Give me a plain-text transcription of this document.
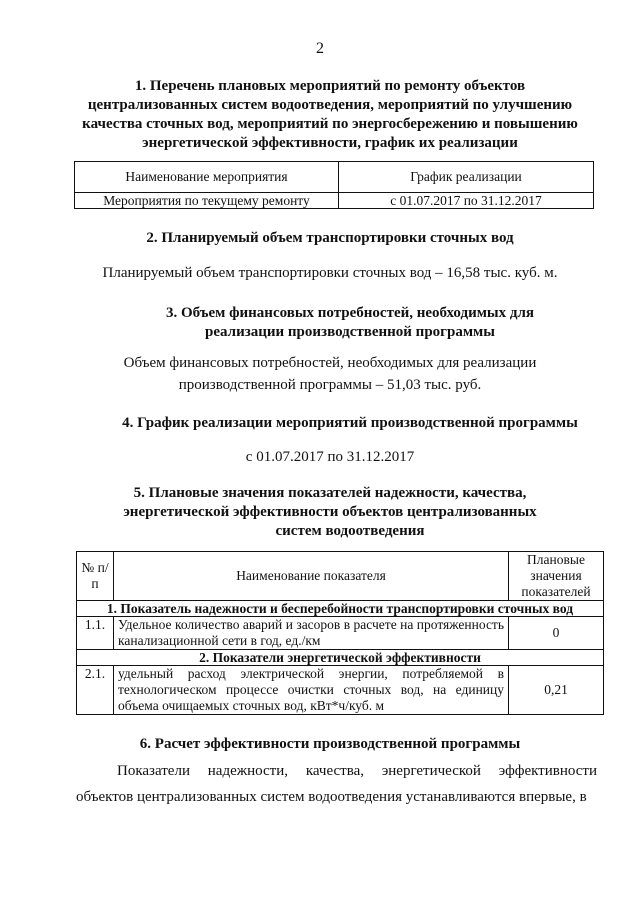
2
1. Перечень плановых мероприятий по ремонту объектов
централизованных систем водоотведения, мероприятий по улучшению
качества сточных вод, мероприятий по энергосбережению и повышению
энергетической эффективности, график их реализации
Наименование мероприятия	График реализации
Мероприятия по текущему ремонту	с 01.07.2017 по 31.12.2017
2. Планируемый объем транспортировки сточных вод
Планируемый объем транспортировки сточных вод – 16,58 тыс. куб. м.
3. Объем финансовых потребностей, необходимых для
реализации производственной программы
Объем финансовых потребностей, необходимых для реализации
производственной программы – 51,03 тыс. руб.
4. График реализации мероприятий производственной программы
с 01.07.2017 по 31.12.2017
5. Плановые значения показателей надежности, качества,
энергетической эффективности объектов централизованных
систем водоотведения
№ п/п	Наименование показателя	Плановые значения показателей
1. Показатель надежности и бесперебойности транспортировки сточных вод		
1.1.	Удельное количество аварий и засоров в расчете на протяженность канализационной сети в год, ед./км	0
2. Показатели энергетической эффективности		
2.1.	удельный расход электрической энергии, потребляемой в технологическом процессе очистки сточных вод, на единицу объема очищаемых сточных вод, кВт*ч/куб. м	0,21
6. Расчет эффективности производственной программы
Показатели надежности, качества, энергетической эффективности
объектов централизованных систем водоотведения устанавливаются впервые, в
